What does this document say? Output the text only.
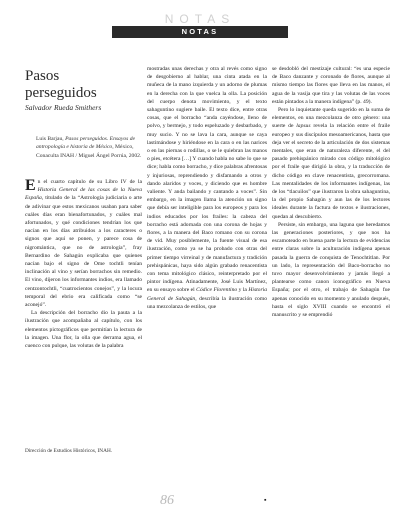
NOTAS
NOTAS
Pasos
perseguidos
Salvador Rueda Smithers
Luis Barjau, Pasos perseguidos. Ensayos de antropología e historia de México, México, Conaculta INAH / Miguel Ángel Porrúa, 2002.

En el cuarto capítulo de su Libro IV de la Historia General de las cosas de la Nueva España, titulado de la “Astrología judiciaria o arte de adivinar que estos mexicanos usaban para saber cuáles días eran bienafortunados, y cuáles mal afortunados, y qué condiciones tendrían los que nacían en los días atribuidos a los caracteres o signos que aquí se ponen, y parece cosa de nigromántica, que no de astrología”, fray Bernardino de Sahagún explicaba que quienes nacían bajo el signo de Ome tochtli tenían inclinación al vino y serían borrachos sin remedio. El vino, dijeron los informantes indios, era llamado centzontochtli, “cuatrocientos conejos”, y la locura temporal del ebrio era calificada como “se aconejó”.

La descripción del borracho dio la pauta a la ilustración que acompañaba al capítulo, con los elementos pictográficos que permitían la lectura de la imagen. Una flor, la olla que derrama agua, el cuenco con pulque, las volutas de la palabra

mostradas unas derechas y otra al revés como signo de desgobierno al hablar, una cinta atada en la muñeca de la mano izquierda y un adorno de plumas en la derecha con la que vuelca la olla. La posición del cuerpo denota movimiento, y el texto sahaguntino sugiere baile. El texto dice, entre otras cosas, que el borracho “anda cayéndose, lleno de polvo, y bermejo, y todo espeluzado y desbarbado, y muy sucio. Y no se lava la cara, aunque se caya lastimándose y hiriéndose en la cara o en las narices o en las piernas o rodillas, o se le quiebran las manos o pies, etcétera […] Y cuando habla no sabe lo que se dice; habla como borracho, y dice palabras afrentosas y injuriosas, reprendiendo y disfamando a otros y dando alaridos y voces, y diciendo que es hombre valiente. Y anda bailando y cantando a voces”. Sin embargo, en la imagen llama la atención un signo que debía ser inteligible para los europeos y para los indios educados por los frailes: la cabeza del borracho está adornada con una corona de hojas y flores, a la manera del Baco romano con su corona de vid. Muy posiblemente, la fuente visual de esa ilustración, como ya se ha probado con otras del primer tiempo virreinal y de manufactura y tradición prehispánicas, haya sido algún grabado renacentista con tema mitológico clásico, reinterpretado por el pintor indígena. Atinadamente, José Luis Martínez, en su ensayo sobre el Códice Florentino y la Historia General de Sahagún, describía la ilustración como una mezcolanza de estilos, que

se desdobló del mestizaje cultural: “es una especie de Baco danzante y coronado de flores, aunque al mismo tiempo las flores que lleva en las manos, el agua de la vasija que tira y las volutas de las voces están pintados a la manera indígena” (p. 49).

Pero lo inquietante queda sugerido en la suma de elementos, en una mezcolanza de otro género: una suerte de lapsus revela la relación entre el fraile europeo y sus discípulos mesoamericanos, hasta que deja ver el secreto de la articulación de dos sistemas mentales, que eran de naturaleza diferente, el del pasado prehispánico mirado con código mitológico por el fraile que dirigió la obra, y la traducción de dicho código en clave renacentista, grecorromana. Las mentalidades de los informantes indígenas, las de los “tlacuilos” que ilustraron la obra sahaguntina, la del propio Sahagún y aun las de los lectores ideales durante la factura de textos e ilustraciones, quedan al descubierto.

Persiste, sin embargo, una laguna que heredamos las generaciones posteriores, y que nos ha escamoteado en buena parte la lectura de evidencias entre claras sobre la aculturación indígena apenas pasada la guerra de conquista de Tenochtitlan. Por un lado, la representación del Baco-borracho no tuvo mayor desenvolvimiento y jamás llegó a plantearse como canon iconográfico en Nueva España; por el otro, el trabajo de Sahagún fue apenas conocido en su momento y anulado después, hasta el siglo XVIII cuando se encontró el manuscrito y se emprendió

Dirección de Estudios Históricos, INAH.

86	▪
